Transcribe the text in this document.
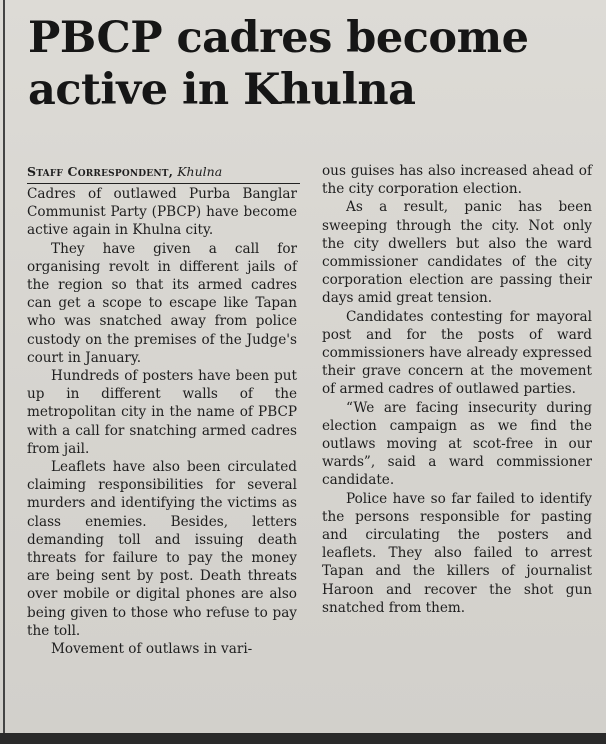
PBCP cadres become active in Khulna
Staff Correspondent, Khulna

Cadres of outlawed Purba Banglar Communist Party (PBCP) have become active again in Khulna city.

They have given a call for organising revolt in different jails of the region so that its armed cadres can get a scope to escape like Tapan who was snatched away from police custody on the premises of the Judge's court in January.

Hundreds of posters have been put up in different walls of the metropolitan city in the name of PBCP with a call for snatching armed cadres from jail.

Leaflets have also been circulated claiming responsibilities for several murders and identifying the victims as class enemies. Besides, letters demanding toll and issuing death threats for failure to pay the money are being sent by post. Death threats over mobile or digital phones are also being given to those who refuse to pay the toll.

Movement of outlaws in vari-

ous guises has also increased ahead of the city corporation election.

As a result, panic has been sweeping through the city. Not only the city dwellers but also the ward commissioner candidates of the city corporation election are passing their days amid great tension.

Candidates contesting for mayoral post and for the posts of ward commissioners have already expressed their grave concern at the movement of armed cadres of outlawed parties.

“We are facing insecurity during election campaign as we find the outlaws moving at scot-free in our wards”, said a ward commissioner candidate.

Police have so far failed to identify the persons responsible for pasting and circulating the posters and leaflets. They also failed to arrest Tapan and the killers of journalist Haroon and recover the shot gun snatched from them.
